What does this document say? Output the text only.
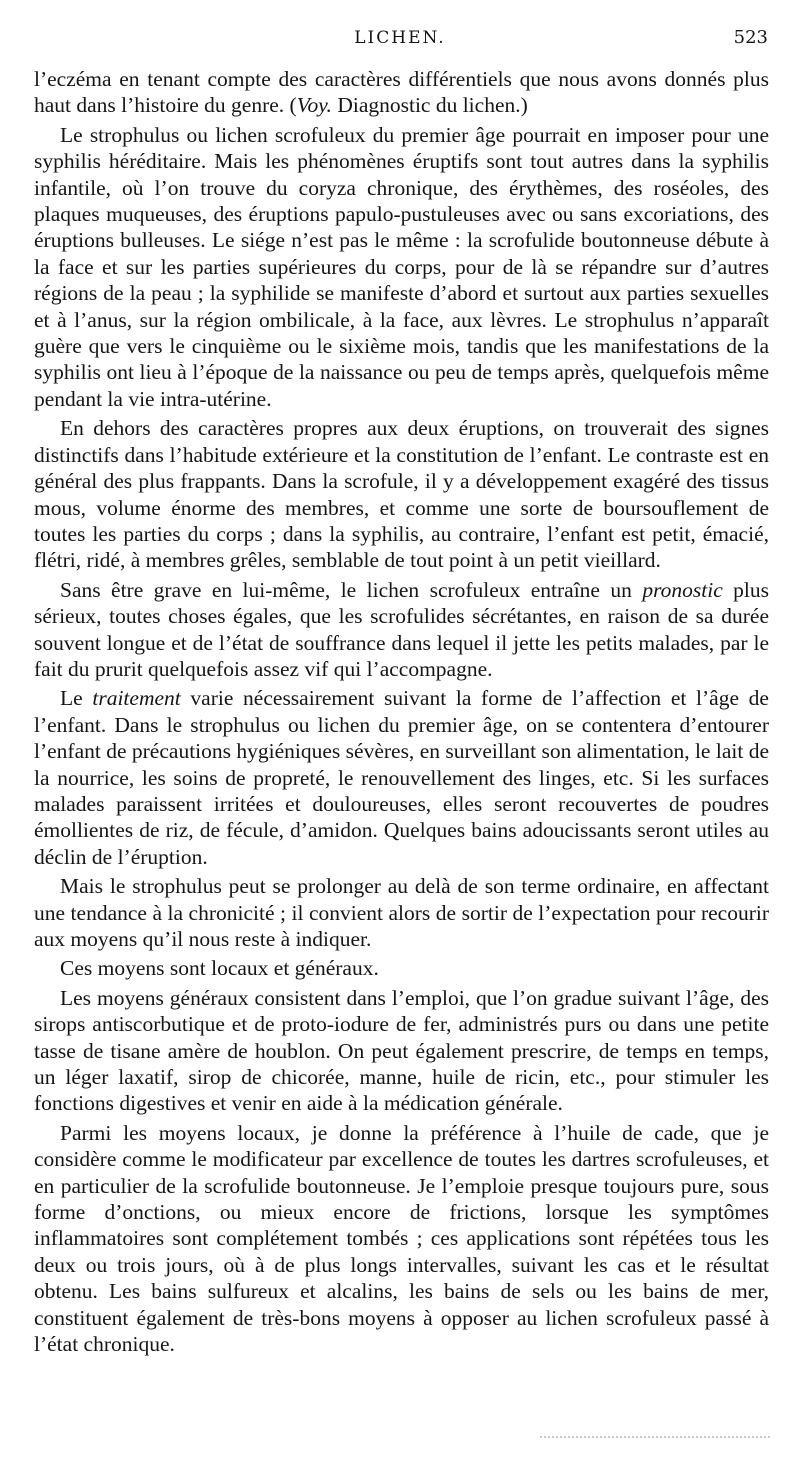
LICHEN.	523

l’eczéma en tenant compte des caractères différentiels que nous avons donnés plus haut dans l’histoire du genre. (Voy. Diagnostic du lichen.)

Le strophulus ou lichen scrofuleux du premier âge pourrait en imposer pour une syphilis héréditaire. Mais les phénomènes éruptifs sont tout autres dans la syphilis infantile, où l’on trouve du coryza chronique, des érythèmes, des roséoles, des plaques muqueuses, des éruptions papulo-pustuleuses avec ou sans excoriations, des éruptions bulleuses. Le siége n’est pas le même : la scrofulide boutonneuse débute à la face et sur les parties supérieures du corps, pour de là se répandre sur d’autres régions de la peau ; la syphilide se manifeste d’abord et surtout aux parties sexuelles et à l’anus, sur la région ombilicale, à la face, aux lèvres. Le strophulus n’apparaît guère que vers le cinquième ou le sixième mois, tandis que les manifestations de la syphilis ont lieu à l’époque de la naissance ou peu de temps après, quelquefois même pendant la vie intra-utérine.

En dehors des caractères propres aux deux éruptions, on trouverait des signes distinctifs dans l’habitude extérieure et la constitution de l’enfant. Le contraste est en général des plus frappants. Dans la scrofule, il y a développement exagéré des tissus mous, volume énorme des membres, et comme une sorte de boursouflement de toutes les parties du corps ; dans la syphilis, au contraire, l’enfant est petit, émacié, flétri, ridé, à membres grêles, semblable de tout point à un petit vieillard.

Sans être grave en lui-même, le lichen scrofuleux entraîne un pronostic plus sérieux, toutes choses égales, que les scrofulides sécrétantes, en raison de sa durée souvent longue et de l’état de souffrance dans lequel il jette les petits malades, par le fait du prurit quelquefois assez vif qui l’accompagne.

Le traitement varie nécessairement suivant la forme de l’affection et l’âge de l’enfant. Dans le strophulus ou lichen du premier âge, on se contentera d’entourer l’enfant de précautions hygiéniques sévères, en surveillant son alimentation, le lait de la nourrice, les soins de propreté, le renouvellement des linges, etc. Si les surfaces malades paraissent irritées et douloureuses, elles seront recouvertes de poudres émollientes de riz, de fécule, d’amidon. Quelques bains adoucissants seront utiles au déclin de l’éruption.

Mais le strophulus peut se prolonger au delà de son terme ordinaire, en affectant une tendance à la chronicité ; il convient alors de sortir de l’expectation pour recourir aux moyens qu’il nous reste à indiquer.

Ces moyens sont locaux et généraux.

Les moyens généraux consistent dans l’emploi, que l’on gradue suivant l’âge, des sirops antiscorbutique et de proto-iodure de fer, administrés purs ou dans une petite tasse de tisane amère de houblon. On peut également prescrire, de temps en temps, un léger laxatif, sirop de chicorée, manne, huile de ricin, etc., pour stimuler les fonctions digestives et venir en aide à la médication générale.

Parmi les moyens locaux, je donne la préférence à l’huile de cade, que je considère comme le modificateur par excellence de toutes les dartres scrofuleuses, et en particulier de la scrofulide boutonneuse. Je l’emploie presque toujours pure, sous forme d’onctions, ou mieux encore de frictions, lorsque les symptômes inflammatoires sont complétement tombés ; ces applications sont répétées tous les deux ou trois jours, où à de plus longs intervalles, suivant les cas et le résultat obtenu. Les bains sulfureux et alcalins, les bains de sels ou les bains de mer, constituent également de très-bons moyens à opposer au lichen scrofuleux passé à l’état chronique.
